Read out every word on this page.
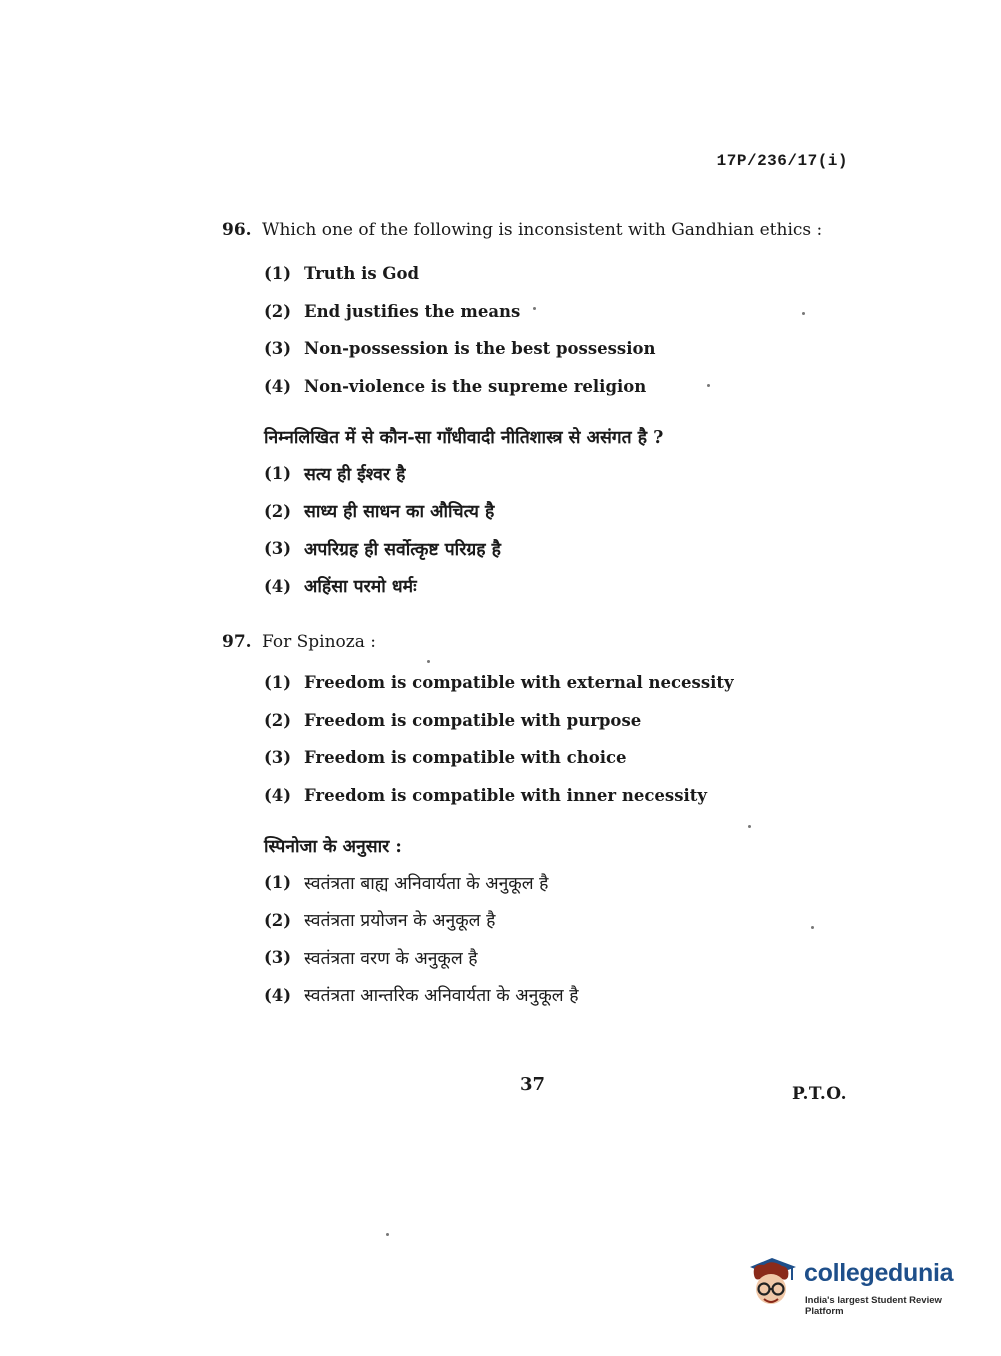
17P/236/17(i)
96. Which one of the following is inconsistent with Gandhian ethics :
(1) Truth is God
(2) End justifies the means
(3) Non-possession is the best possession
(4) Non-violence is the supreme religion
निम्नलिखित में से कौन-सा गाँधीवादी नीतिशास्त्र से असंगत है ?
(1) सत्य ही ईश्वर है
(2) साध्य ही साधन का औचित्य है
(3) अपरिग्रह ही सर्वोत्कृष्ट परिग्रह है
(4) अहिंसा परमो धर्मः
97. For Spinoza :
(1) Freedom is compatible with external necessity
(2) Freedom is compatible with purpose
(3) Freedom is compatible with choice
(4) Freedom is compatible with inner necessity
स्पिनोजा के अनुसार :
(1) स्वतंत्रता बाह्य अनिवार्यता के अनुकूल है
(2) स्वतंत्रता प्रयोजन के अनुकूल है
(3) स्वतंत्रता वरण के अनुकूल है
(4) स्वतंत्रता आन्तरिक अनिवार्यता के अनुकूल है
37	P.T.O.
collegedunia
India's largest Student Review Platform
